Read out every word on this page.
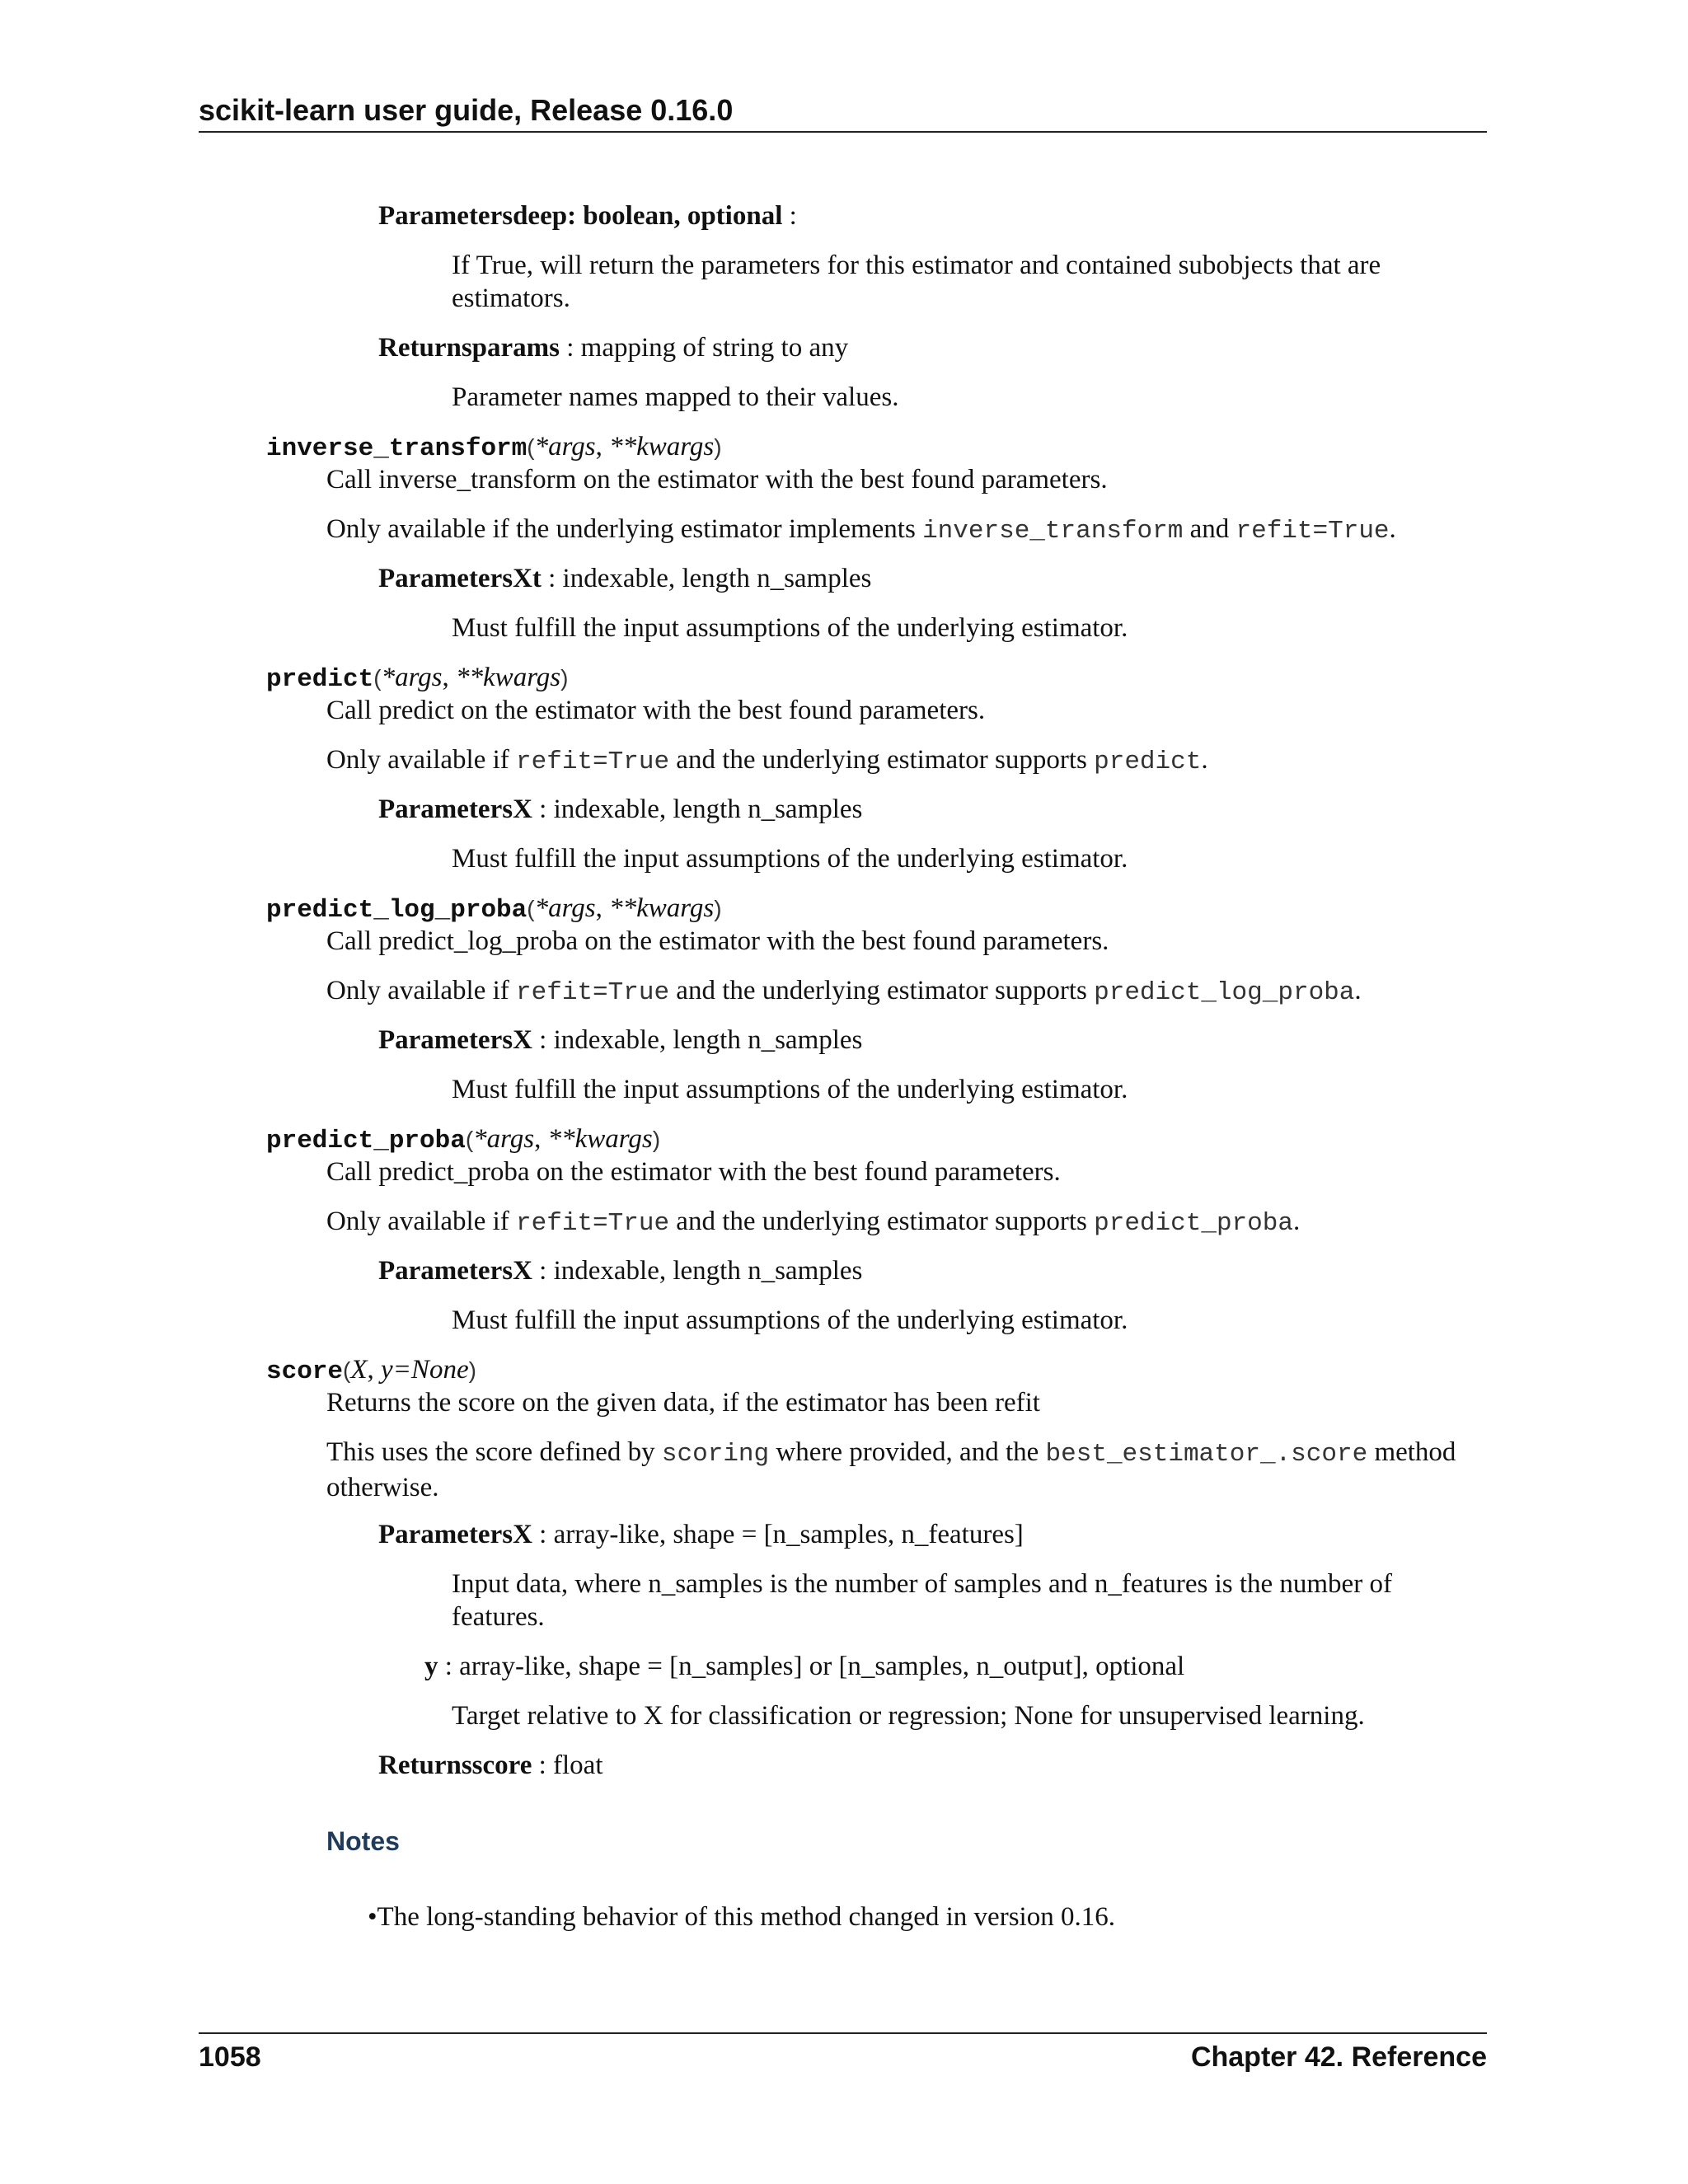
scikit-learn user guide, Release 0.16.0
Parametersdeep: boolean, optional :
If True, will return the parameters for this estimator and contained subobjects that are estimators.
Returnsparams : mapping of string to any
Parameter names mapped to their values.
inverse_transform(*args, **kwargs)
Call inverse_transform on the estimator with the best found parameters.
Only available if the underlying estimator implements inverse_transform and refit=True.
ParametersXt : indexable, length n_samples
Must fulfill the input assumptions of the underlying estimator.
predict(*args, **kwargs)
Call predict on the estimator with the best found parameters.
Only available if refit=True and the underlying estimator supports predict.
ParametersX : indexable, length n_samples
Must fulfill the input assumptions of the underlying estimator.
predict_log_proba(*args, **kwargs)
Call predict_log_proba on the estimator with the best found parameters.
Only available if refit=True and the underlying estimator supports predict_log_proba.
ParametersX : indexable, length n_samples
Must fulfill the input assumptions of the underlying estimator.
predict_proba(*args, **kwargs)
Call predict_proba on the estimator with the best found parameters.
Only available if refit=True and the underlying estimator supports predict_proba.
ParametersX : indexable, length n_samples
Must fulfill the input assumptions of the underlying estimator.
score(X, y=None)
Returns the score on the given data, if the estimator has been refit
This uses the score defined by scoring where provided, and the best_estimator_.score method otherwise.
ParametersX : array-like, shape = [n_samples, n_features]
Input data, where n_samples is the number of samples and n_features is the number of features.
y : array-like, shape = [n_samples] or [n_samples, n_output], optional
Target relative to X for classification or regression; None for unsupervised learning.
Returnsscore : float
Notes
•The long-standing behavior of this method changed in version 0.16.
1058	Chapter 42. Reference
